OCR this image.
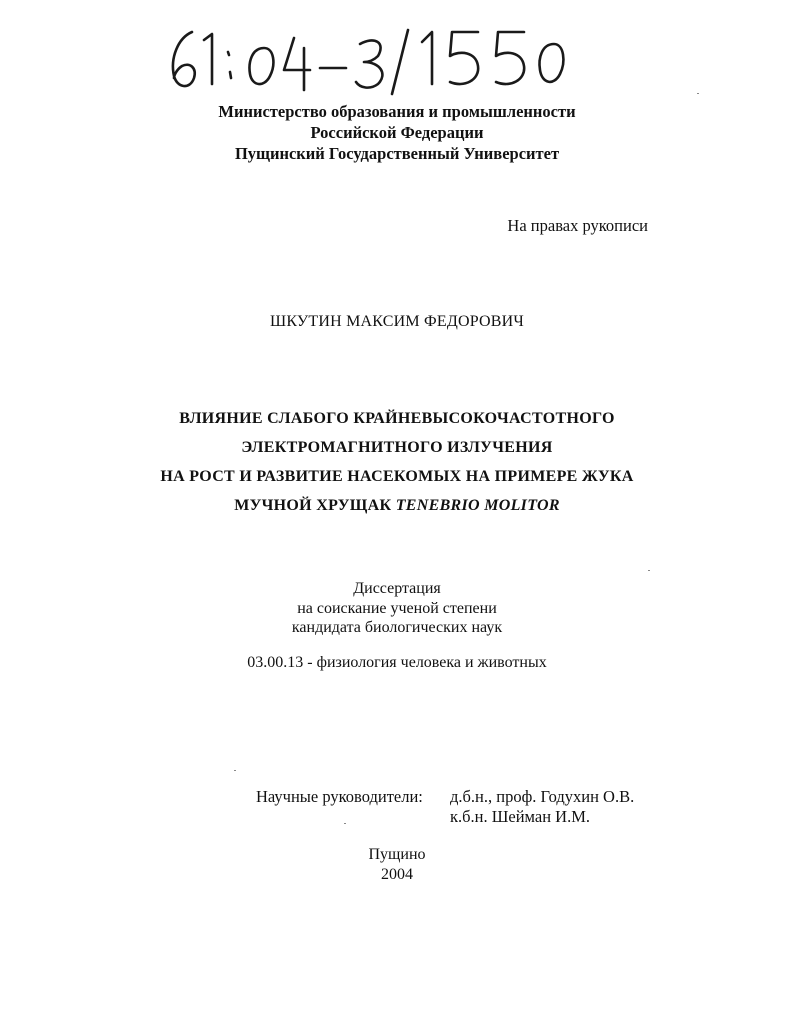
Министерство образования и промышленности
Российской Федерации
Пущинский Государственный Университет
На правах рукописи
ШКУТИН МАКСИМ ФЕДОРОВИЧ
ВЛИЯНИЕ СЛАБОГО КРАЙНЕВЫСОКОЧАСТОТНОГО
ЭЛЕКТРОМАГНИТНОГО ИЗЛУЧЕНИЯ
НА РОСТ И РАЗВИТИЕ НАСЕКОМЫХ НА ПРИМЕРЕ ЖУКА
МУЧНОЙ ХРУЩАК TENEBRIO MOLITOR
Диссертация
на соискание ученой степени
кандидата биологических наук
03.00.13 - физиология человека и животных
Научные руководители: д.б.н., проф. Годухин О.В.
к.б.н. Шейман И.М.
Пущино
2004
